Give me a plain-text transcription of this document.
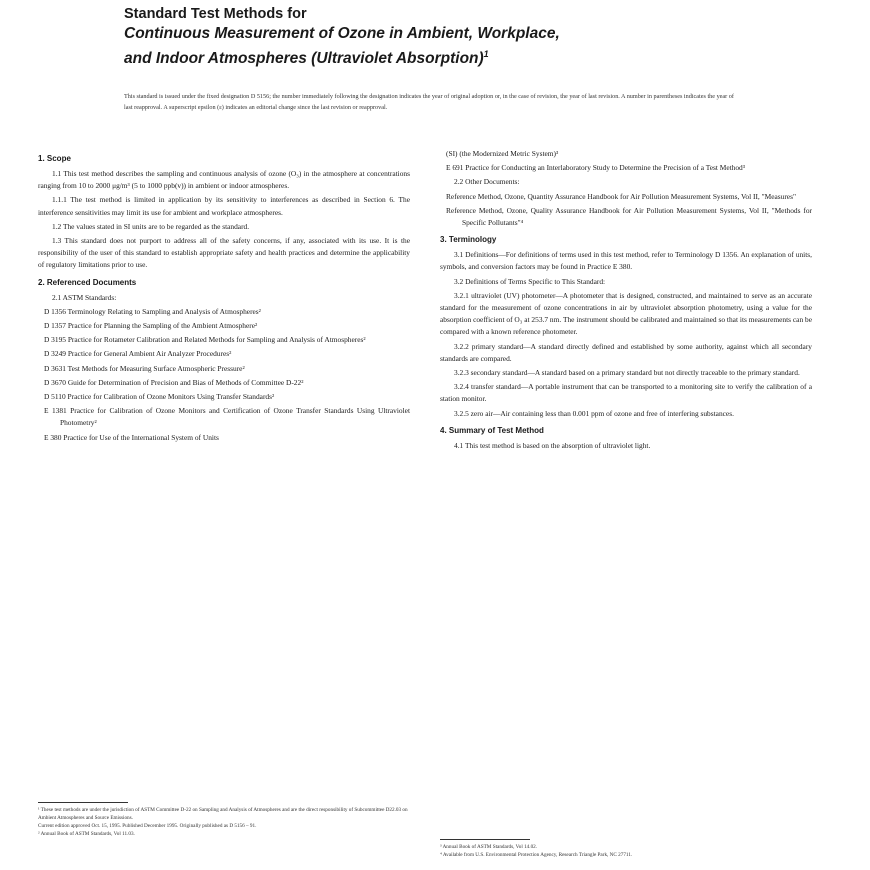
Standard Test Methods for
Continuous Measurement of Ozone in Ambient, Workplace,
and Indoor Atmospheres (Ultraviolet Absorption)$^1$
This standard is issued under the fixed designation D 5156; the number immediately following the designation indicates the year of original adoption or, in the case of revision, the year of last revision. A number in parentheses indicates the year of last reapproval. A superscript epsilon (ε) indicates an editorial change since the last revision or reapproval.
1. Scope
1.1 This test method describes the sampling and continuous analysis of ozone (O₃) in the atmosphere at concentrations ranging from 10 to 2000 μg/m³ (5 to 1000 ppb(v)) in ambient or indoor atmospheres.
1.1.1 The test method is limited in application by its sensitivity to interferences as described in Section 6. The interference sensitivities may limit its use for ambient and workplace atmospheres.
1.2 The values stated in SI units are to be regarded as the standard.
1.3 This standard does not purport to address all of the safety concerns, if any, associated with its use. It is the responsibility of the user of this standard to establish appropriate safety and health practices and determine the applicability of regulatory limitations prior to use.
2. Referenced Documents
2.1 ASTM Standards:
D 1356 Terminology Relating to Sampling and Analysis of Atmospheres²
D 1357 Practice for Planning the Sampling of the Ambient Atmosphere²
D 3195 Practice for Rotameter Calibration and Related Methods for Sampling and Analysis of Atmospheres²
D 3249 Practice for General Ambient Air Analyzer Procedures²
D 3631 Test Methods for Measuring Surface Atmospheric Pressure²
D 3670 Guide for Determination of Precision and Bias of Methods of Committee D-22²
D 5110 Practice for Calibration of Ozone Monitors Using Transfer Standards²
E 1381 Practice for Calibration of Ozone Monitors and Certification of Ozone Transfer Standards Using Ultraviolet Photometry²
E 380 Practice for Use of the International System of Units
(SI) (the Modernized Metric System)³
E 691 Practice for Conducting an Interlaboratory Study to Determine the Precision of a Test Method³
2.2 Other Documents:
Reference Method, Ozone, Quantity Assurance Handbook for Air Pollution Measurement Systems, Vol II, "Measures"
Reference Method, Ozone, Quality Assurance Handbook for Air Pollution Measurement Systems, Vol II, "Methods for Specific Pollutants"⁴
3. Terminology
3.1 Definitions—For definitions of terms used in this test method, refer to Terminology D 1356. An explanation of units, symbols, and conversion factors may be found in Practice E 380.
3.2 Definitions of Terms Specific to This Standard:
3.2.1 ultraviolet (UV) photometer—A photometer that is designed, constructed, and maintained to serve as an accurate standard for the measurement of ozone concentrations in air by ultraviolet absorption photometry, using a value for the absorption coefficient of O₃ at 253.7 nm. The instrument should be calibrated and maintained so that its measurements can be compared with a known reference photometer.
3.2.2 primary standard—A standard directly defined and established by some authority, against which all secondary standards are compared.
3.2.3 secondary standard—A standard based on a primary standard but not directly traceable to the primary standard.
3.2.4 transfer standard—A portable instrument that can be transported to a monitoring site to verify the calibration of a station monitor.
3.2.5 zero air—Air containing less than 0.001 ppm of ozone and free of interfering substances.
4. Summary of Test Method
4.1 This test method is based on the absorption of ultraviolet light.
¹ These test methods are under the jurisdiction of ASTM Committee D-22 on Sampling and Analysis of Atmospheres and are the direct responsibility of Subcommittee D22.03 on Ambient Atmospheres and Source Emissions.
Current edition approved Oct. 15, 1995. Published December 1995. Originally published as D 5156 – 91.
² Annual Book of ASTM Standards, Vol 11.03.
³ Annual Book of ASTM Standards, Vol 14.02.
⁴ Available from U.S. Environmental Protection Agency, Research Triangle Park, NC 27711.
